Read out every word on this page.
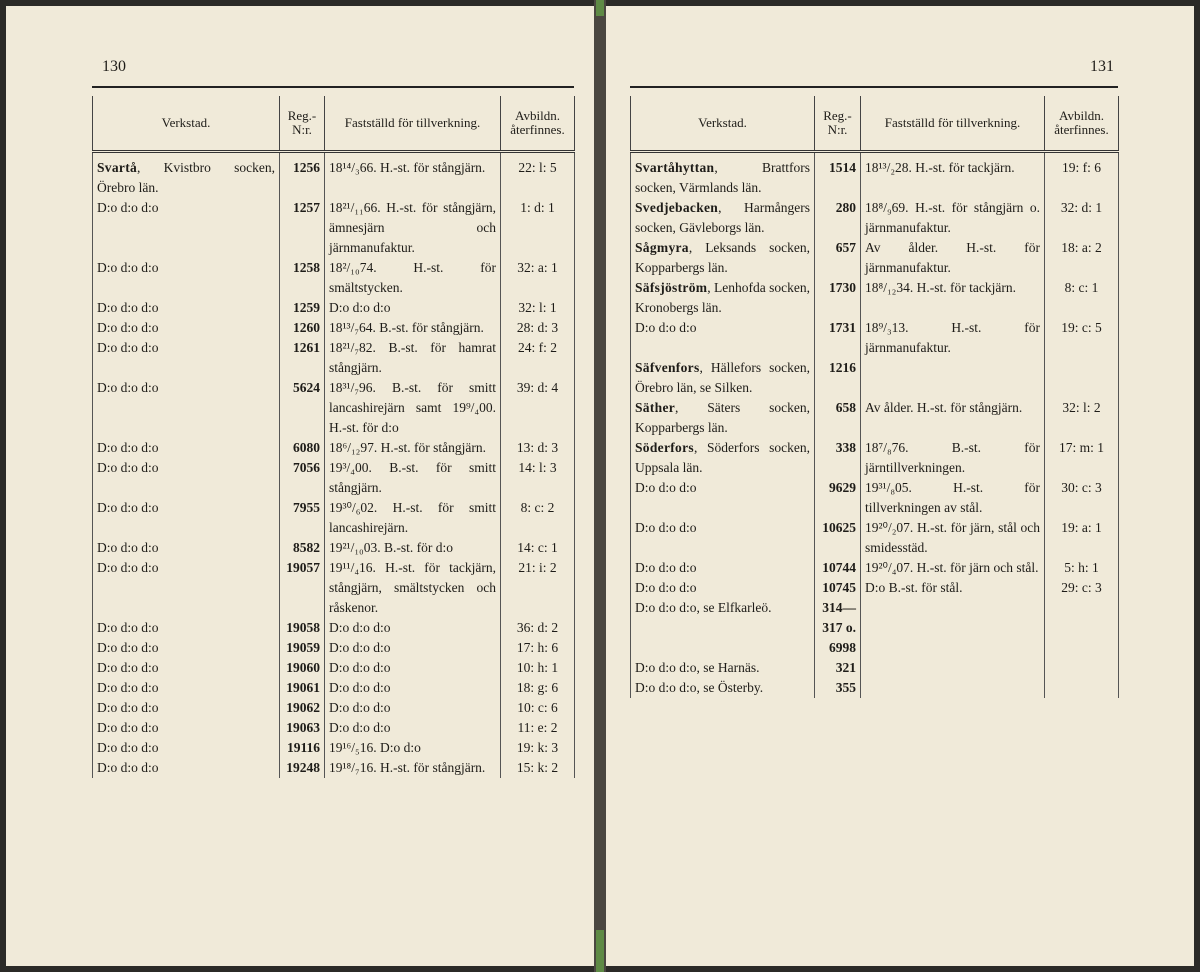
130
Verkstad.	Reg.-N:r.	Fastställd för tillverkning.	Avbildn. återfinnes.
Svartå, Kvistbro socken, Örebro län.	1256	18¹⁴/₃66. H.-st. för stångjärn.	22: l: 5
D:o d:o d:o	1257	18²¹/₁₁66. H.-st. för stångjärn, ämnesjärn och järnmanufaktur.	1: d: 1
D:o d:o d:o	1258	18²/₁₀74. H.-st. för smältstycken.	32: a: 1
D:o d:o d:o	1259	D:o d:o d:o	32: l: 1
D:o d:o d:o	1260	18¹³/₇64. B.-st. för stångjärn.	28: d: 3
D:o d:o d:o	1261	18²¹/₇82. B.-st. för hamrat stångjärn.	24: f: 2
D:o d:o d:o	5624	18³¹/₇96. B.-st. för smitt lancashirejärn samt 19⁹/₄00. H.-st. för d:o	39: d: 4
D:o d:o d:o	6080	18⁶/₁₂97. H.-st. för stångjärn.	13: d: 3
D:o d:o d:o	7056	19³/₄00. B.-st. för smitt stångjärn.	14: l: 3
D:o d:o d:o	7955	19³⁰/₆02. H.-st. för smitt lancashirejärn.	8: c: 2
D:o d:o d:o	8582	19²¹/₁₀03. B.-st. för d:o	14: c: 1
D:o d:o d:o	19057	19¹¹/₄16. H.-st. för tackjärn, stångjärn, smältstycken och råskenor.	21: i: 2
D:o d:o d:o	19058	D:o d:o d:o	36: d: 2
D:o d:o d:o	19059	D:o d:o d:o	17: h: 6
D:o d:o d:o	19060	D:o d:o d:o	10: h: 1
D:o d:o d:o	19061	D:o d:o d:o	18: g: 6
D:o d:o d:o	19062	D:o d:o d:o	10: c: 6
D:o d:o d:o	19063	D:o d:o d:o	11: e: 2
D:o d:o d:o	19116	19¹⁶/₅16. D:o d:o	19: k: 3
D:o d:o d:o	19248	19¹⁸/₇16. H.-st. för stångjärn.	15: k: 2
131
Verkstad.	Reg.-N:r.	Fastställd för tillverkning.	Avbildn. återfinnes.
Svartåhyttan, Brattfors socken, Värmlands län.	1514	18¹³/₂28. H.-st. för tackjärn.	19: f: 6
Svedjebacken, Harmångers socken, Gävleborgs län.	280	18⁸/₉69. H.-st. för stångjärn o. järnmanufaktur.	32: d: 1
Sågmyra, Leksands socken, Kopparbergs län.	657	Av ålder. H.-st. för järnmanufaktur.	18: a: 2
Säfsjöström, Lenhofda socken, Kronobergs län.	1730	18⁸/₁₂34. H.-st. för tackjärn.	8: c: 1
D:o d:o d:o	1731	18⁹/₃13. H.-st. för järnmanufaktur.	19: c: 5
Säfvenfors, Hällefors socken, Örebro län, se Silken.	1216		
Säther, Säters socken, Kopparbergs län.	658	Av ålder. H.-st. för stångjärn.	32: l: 2
Söderfors, Söderfors socken, Uppsala län.	338	18⁷/₈76. B.-st. för järntillverkningen.	17: m: 1
D:o d:o d:o	9629	19³¹/₈05. H.-st. för tillverkningen av stål.	30: c: 3
D:o d:o d:o	10625	19²⁰/₂07. H.-st. för järn, stål och smidesstäd.	19: a: 1
D:o d:o d:o	10744	19²⁰/₄07. H.-st. för järn och stål.	5: h: 1
D:o d:o d:o	10745	D:o B.-st. för stål.	29: c: 3
D:o d:o d:o, se Elfkarleö.	314—317 o. 6998		
D:o d:o d:o, se Harnäs.	321		
D:o d:o d:o, se Österby.	355		
